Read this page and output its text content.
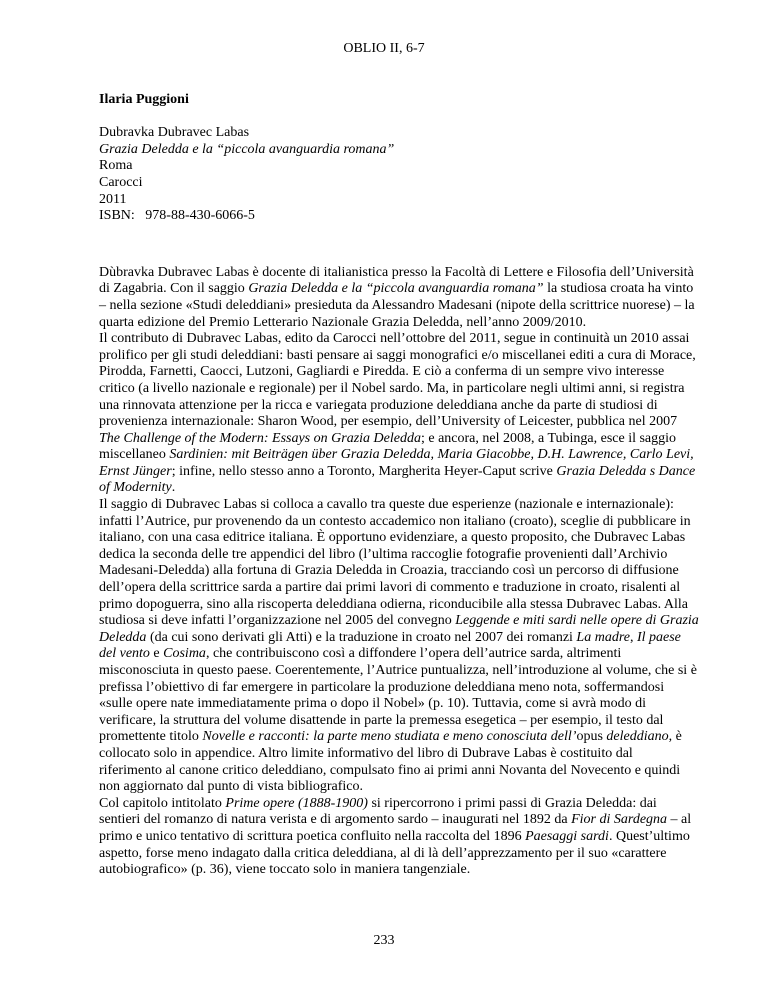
OBLIO II, 6-7
Ilaria Puggioni
Dubravka Dubravec Labas
Grazia Deledda e la “piccola avanguardia romana”
Roma
Carocci
2011
ISBN:   978-88-430-6066-5

Dùbravka Dubravec Labas è docente di italianistica presso la Facoltà di Lettere e Filosofia dell’Università di Zagabria. Con il saggio Grazia Deledda e la “piccola avanguardia romana” la studiosa croata ha vinto – nella sezione «Studi deleddiani» presieduta da Alessandro Madesani (nipote della scrittrice nuorese) – la quarta edizione del Premio Letterario Nazionale Grazia Deledda, nell’anno 2009/2010.

Il contributo di Dubravec Labas, edito da Carocci nell’ottobre del 2011, segue in continuità un 2010 assai prolifico per gli studi deleddiani: basti pensare ai saggi monografici e/o miscellanei editi a cura di Morace, Pirodda, Farnetti, Caocci, Lutzoni, Gagliardi e Piredda. E ciò a conferma di un sempre vivo interesse critico (a livello nazionale e regionale) per il Nobel sardo. Ma, in particolare negli ultimi anni, si registra una rinnovata attenzione per la ricca e variegata produzione deleddiana anche da parte di studiosi di provenienza internazionale: Sharon Wood, per esempio, dell’University of Leicester, pubblica nel 2007 The Challenge of the Modern: Essays on Grazia Deledda; e ancora, nel 2008, a Tubinga, esce il saggio miscellaneo Sardinien: mit Beiträgen über Grazia Deledda, Maria Giacobbe, D.H. Lawrence, Carlo Levi, Ernst Jünger; infine, nello stesso anno a Toronto, Margherita Heyer-Caput scrive Grazia Deledda s Dance of Modernity.

Il saggio di Dubravec Labas si colloca a cavallo tra queste due esperienze (nazionale e internazionale): infatti l’Autrice, pur provenendo da un contesto accademico non italiano (croato), sceglie di pubblicare in italiano, con una casa editrice italiana. È opportuno evidenziare, a questo proposito, che Dubravec Labas dedica la seconda delle tre appendici del libro (l’ultima raccoglie fotografie provenienti dall’Archivio Madesani-Deledda) alla fortuna di Grazia Deledda in Croazia, tracciando così un percorso di diffusione dell’opera della scrittrice sarda a partire dai primi lavori di commento e traduzione in croato, risalenti al primo dopoguerra, sino alla riscoperta deleddiana odierna, riconducibile alla stessa Dubravec Labas. Alla studiosa si deve infatti l’organizzazione nel 2005 del convegno Leggende e miti sardi nelle opere di Grazia Deledda (da cui sono derivati gli Atti) e la traduzione in croato nel 2007 dei romanzi La madre, Il paese del vento e Cosima, che contribuiscono così a diffondere l’opera dell’autrice sarda, altrimenti misconosciuta in questo paese. Coerentemente, l’Autrice puntualizza, nell’introduzione al volume, che si è prefissa l’obiettivo di far emergere in particolare la produzione deleddiana meno nota, soffermandosi «sulle opere nate immediatamente prima o dopo il Nobel» (p. 10). Tuttavia, come si avrà modo di verificare, la struttura del volume disattende in parte la premessa esegetica – per esempio, il testo dal promettente titolo Novelle e racconti: la parte meno studiata e meno conosciuta dell’opus deleddiano, è collocato solo in appendice. Altro limite informativo del libro di Dubrave Labas è costituito dal riferimento al canone critico deleddiano, compulsato fino ai primi anni Novanta del Novecento e quindi non aggiornato dal punto di vista bibliografico.

Col capitolo intitolato Prime opere (1888-1900) si ripercorrono i primi passi di Grazia Deledda: dai sentieri del romanzo di natura verista e di argomento sardo – inaugurati nel 1892 da Fior di Sardegna – al primo e unico tentativo di scrittura poetica confluito nella raccolta del 1896 Paesaggi sardi. Quest’ultimo aspetto, forse meno indagato dalla critica deleddiana, al di là dell’apprezzamento per il suo «carattere autobiografico» (p. 36), viene toccato solo in maniera tangenziale.

233
